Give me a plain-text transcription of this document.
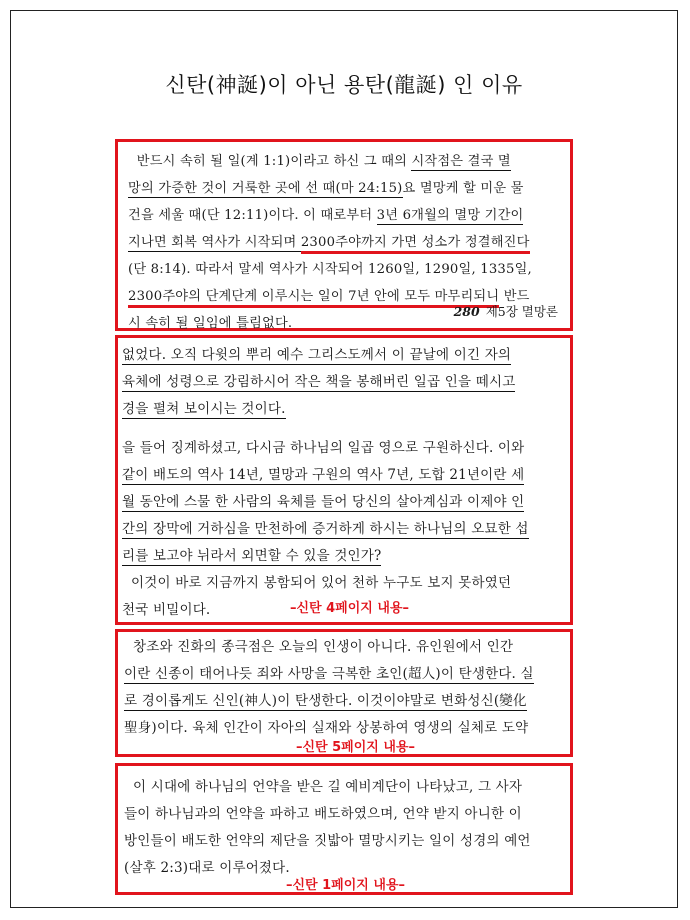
신탄(神誕)이 아닌 용탄(龍誕) 인 이유
반드시 속히 될 일(계 1:1)이라고 하신 그 때의 시작점은 결국 멸
망의 가증한 것이 거룩한 곳에 선 때(마 24:15)요 멸망케 할 미운 물
건을 세울 때(단 12:11)이다. 이 때로부터 3년 6개월의 멸망 기간이
지나면 회복 역사가 시작되며 2300주야까지 가면 성소가 정결해진다
(단 8:14). 따라서 말세 역사가 시작되어 1260일, 1290일, 1335일,
2300주야의 단계단계 이루시는 일이 7년 안에 모두 마무리되니 반드
시 속히 될 일임에 틀림없다.
280 제5장 멸망론
없었다. 오직 다윗의 뿌리 예수 그리스도께서 이 끝날에 이긴 자의
육체에 성령으로 강림하시어 작은 책을 봉해버린 일곱 인을 떼시고
경을 펼쳐 보이시는 것이다.
을 들어 징계하셨고, 다시금 하나님의 일곱 영으로 구원하신다. 이와
같이 배도의 역사 14년, 멸망과 구원의 역사 7년, 도합 21년이란 세
월 동안에 스물 한 사람의 육체를 들어 당신의 살아계심과 이제야 인
간의 장막에 거하심을 만천하에 증거하게 하시는 하나님의 오묘한 섭
리를 보고야 뉘라서 외면할 수 있을 것인가?
이것이 바로 지금까지 봉함되어 있어 천하 누구도 보지 못하였던
천국 비밀이다.	–신탄 4페이지 내용–
창조와 진화의 종극점은 오늘의 인생이 아니다. 유인원에서 인간
이란 신종이 태어나듯 죄와 사망을 극복한 초인(超人)이 탄생한다. 실
로 경이롭게도 신인(神人)이 탄생한다. 이것이야말로 변화성신(變化
聖身)이다. 육체 인간이 자아의 실재와 상봉하여 영생의 실체로 도약
–신탄 5페이지 내용–
이 시대에 하나님의 언약을 받은 길 예비계단이 나타났고, 그 사자
들이 하나님과의 언약을 파하고 배도하였으며, 언약 받지 아니한 이
방인들이 배도한 언약의 제단을 짓밟아 멸망시키는 일이 성경의 예언
(살후 2:3)대로 이루어졌다.
–신탄 1페이지 내용–
